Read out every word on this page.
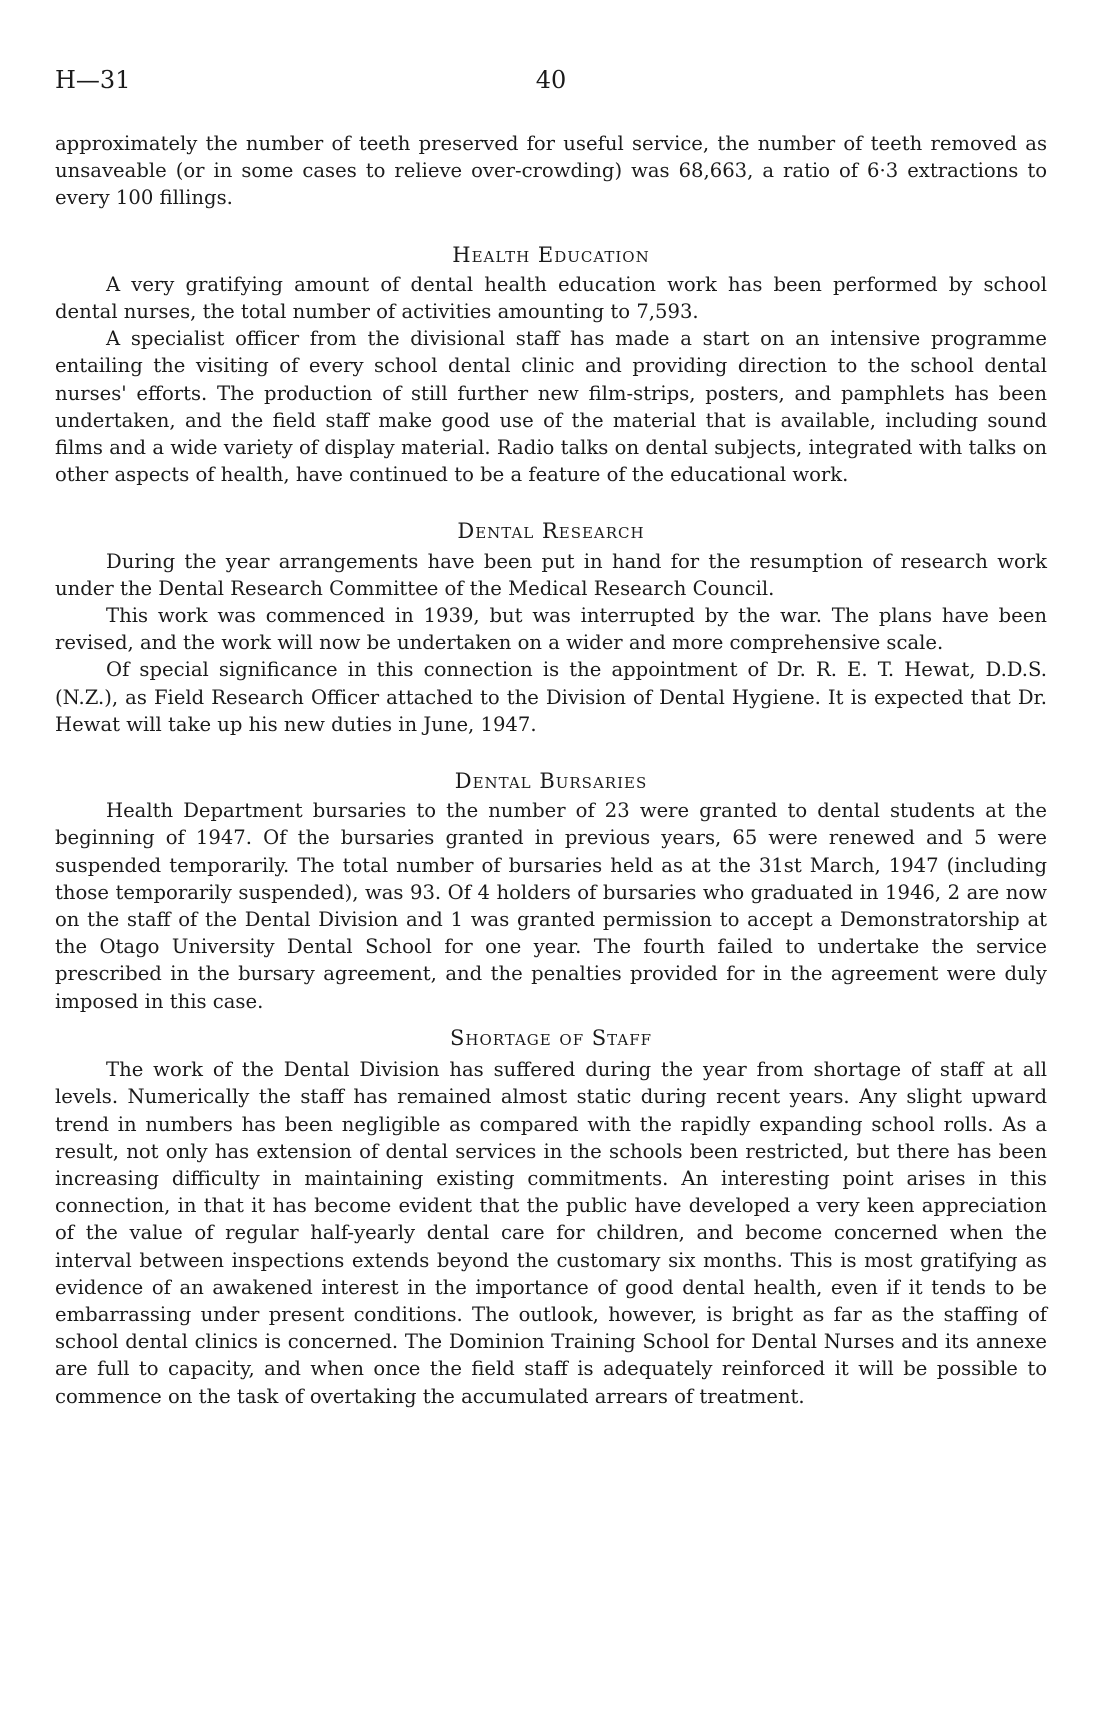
H—31	40

approximately the number of teeth preserved for useful service, the number of teeth removed as unsaveable (or in some cases to relieve over-crowding) was 68,663, a ratio of 6·3 extractions to every 100 fillings.

Health Education

A very gratifying amount of dental health education work has been performed by school dental nurses, the total number of activities amounting to 7,593.

A specialist officer from the divisional staff has made a start on an intensive programme entailing the visiting of every school dental clinic and providing direction to the school dental nurses' efforts. The production of still further new film-strips, posters, and pamphlets has been undertaken, and the field staff make good use of the material that is available, including sound films and a wide variety of display material. Radio talks on dental subjects, integrated with talks on other aspects of health, have continued to be a feature of the educational work.

Dental Research

During the year arrangements have been put in hand for the resumption of research work under the Dental Research Committee of the Medical Research Council.

This work was commenced in 1939, but was interrupted by the war. The plans have been revised, and the work will now be undertaken on a wider and more comprehensive scale.

Of special significance in this connection is the appointment of Dr. R. E. T. Hewat, D.D.S. (N.Z.), as Field Research Officer attached to the Division of Dental Hygiene. It is expected that Dr. Hewat will take up his new duties in June, 1947.

Dental Bursaries

Health Department bursaries to the number of 23 were granted to dental students at the beginning of 1947. Of the bursaries granted in previous years, 65 were renewed and 5 were suspended temporarily. The total number of bursaries held as at the 31st March, 1947 (including those temporarily suspended), was 93. Of 4 holders of bursaries who graduated in 1946, 2 are now on the staff of the Dental Division and 1 was granted permission to accept a Demonstratorship at the Otago University Dental School for one year. The fourth failed to undertake the service prescribed in the bursary agreement, and the penalties provided for in the agreement were duly imposed in this case.

Shortage of Staff

The work of the Dental Division has suffered during the year from shortage of staff at all levels. Numerically the staff has remained almost static during recent years. Any slight upward trend in numbers has been negligible as compared with the rapidly expanding school rolls. As a result, not only has extension of dental services in the schools been restricted, but there has been increasing difficulty in maintaining existing commitments. An interesting point arises in this connection, in that it has become evident that the public have developed a very keen appreciation of the value of regular half-yearly dental care for children, and become concerned when the interval between inspections extends beyond the customary six months. This is most gratifying as evidence of an awakened interest in the importance of good dental health, even if it tends to be embarrassing under present conditions. The outlook, however, is bright as far as the staffing of school dental clinics is concerned. The Dominion Training School for Dental Nurses and its annexe are full to capacity, and when once the field staff is adequately reinforced it will be possible to commence on the task of overtaking the accumulated arrears of treatment.
